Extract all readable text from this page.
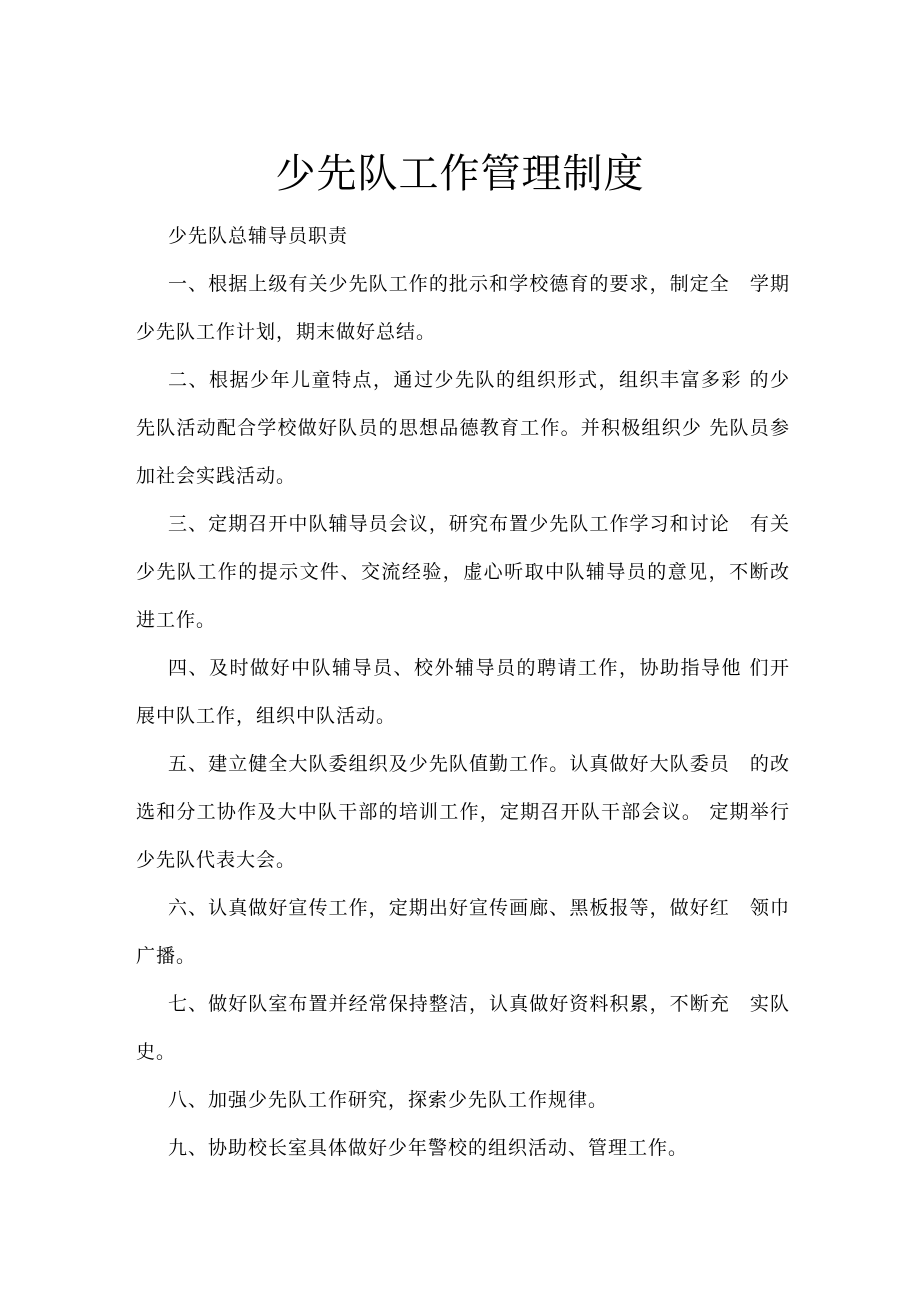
少先队工作管理制度

少先队总辅导员职责

一、根据上级有关少先队工作的批示和学校德育的要求，制定全　学期少先队工作计划，期末做好总结。

二、根据少年儿童特点，通过少先队的组织形式，组织丰富多彩 的少先队活动配合学校做好队员的思想品德教育工作。并积极组织少 先队员参加社会实践活动。

三、定期召开中队辅导员会议，研究布置少先队工作学习和讨论　有关少先队工作的提示文件、交流经验，虚心听取中队辅导员的意见，不断改进工作。

四、及时做好中队辅导员、校外辅导员的聘请工作，协助指导他 们开展中队工作，组织中队活动。

五、建立健全大队委组织及少先队值勤工作。认真做好大队委员　的改选和分工协作及大中队干部的培训工作，定期召开队干部会议。 定期举行少先队代表大会。

六、认真做好宣传工作，定期出好宣传画廊、黑板报等，做好红　领巾广播。

七、做好队室布置并经常保持整洁，认真做好资料积累，不断充　实队史。

八、加强少先队工作研究，探索少先队工作规律。

九、协助校长室具体做好少年警校的组织活动、管理工作。
